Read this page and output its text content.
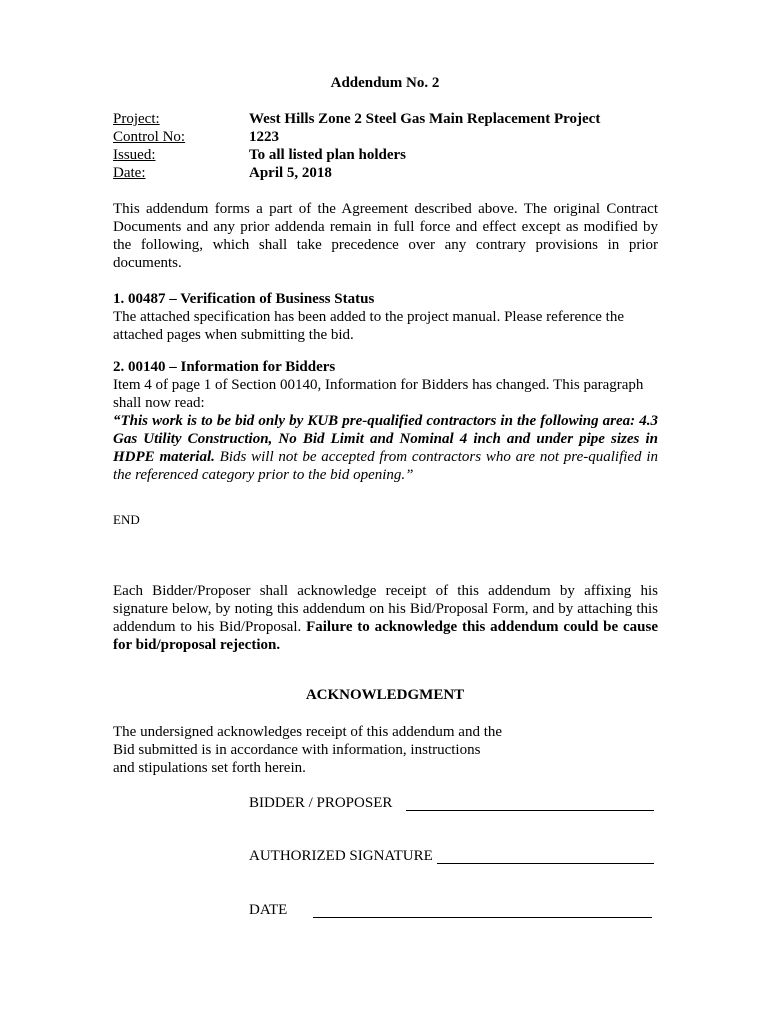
Addendum No. 2
Project:	West Hills Zone 2 Steel Gas Main Replacement Project
Control No:	1223
Issued:	To all listed plan holders
Date:	April 5, 2018
This addendum forms a part of the Agreement described above. The original Contract Documents and any prior addenda remain in full force and effect except as modified by the following, which shall take precedence over any contrary provisions in prior documents.
1. 00487 – Verification of Business Status
The attached specification has been added to the project manual. Please reference the attached pages when submitting the bid.
2. 00140 – Information for Bidders
Item 4 of page 1 of Section 00140, Information for Bidders has changed. This paragraph shall now read:
“This work is to be bid only by KUB pre-qualified contractors in the following area: 4.3 Gas Utility Construction, No Bid Limit and Nominal 4 inch and under pipe sizes in HDPE material. Bids will not be accepted from contractors who are not pre-qualified in the referenced category prior to the bid opening.”
END
Each Bidder/Proposer shall acknowledge receipt of this addendum by affixing his signature below, by noting this addendum on his Bid/Proposal Form, and by attaching this addendum to his Bid/Proposal. Failure to acknowledge this addendum could be cause for bid/proposal rejection.
ACKNOWLEDGMENT
The undersigned acknowledges receipt of this addendum and the
Bid submitted is in accordance with information, instructions
and stipulations set forth herein.
BIDDER / PROPOSER
AUTHORIZED SIGNATURE
DATE
